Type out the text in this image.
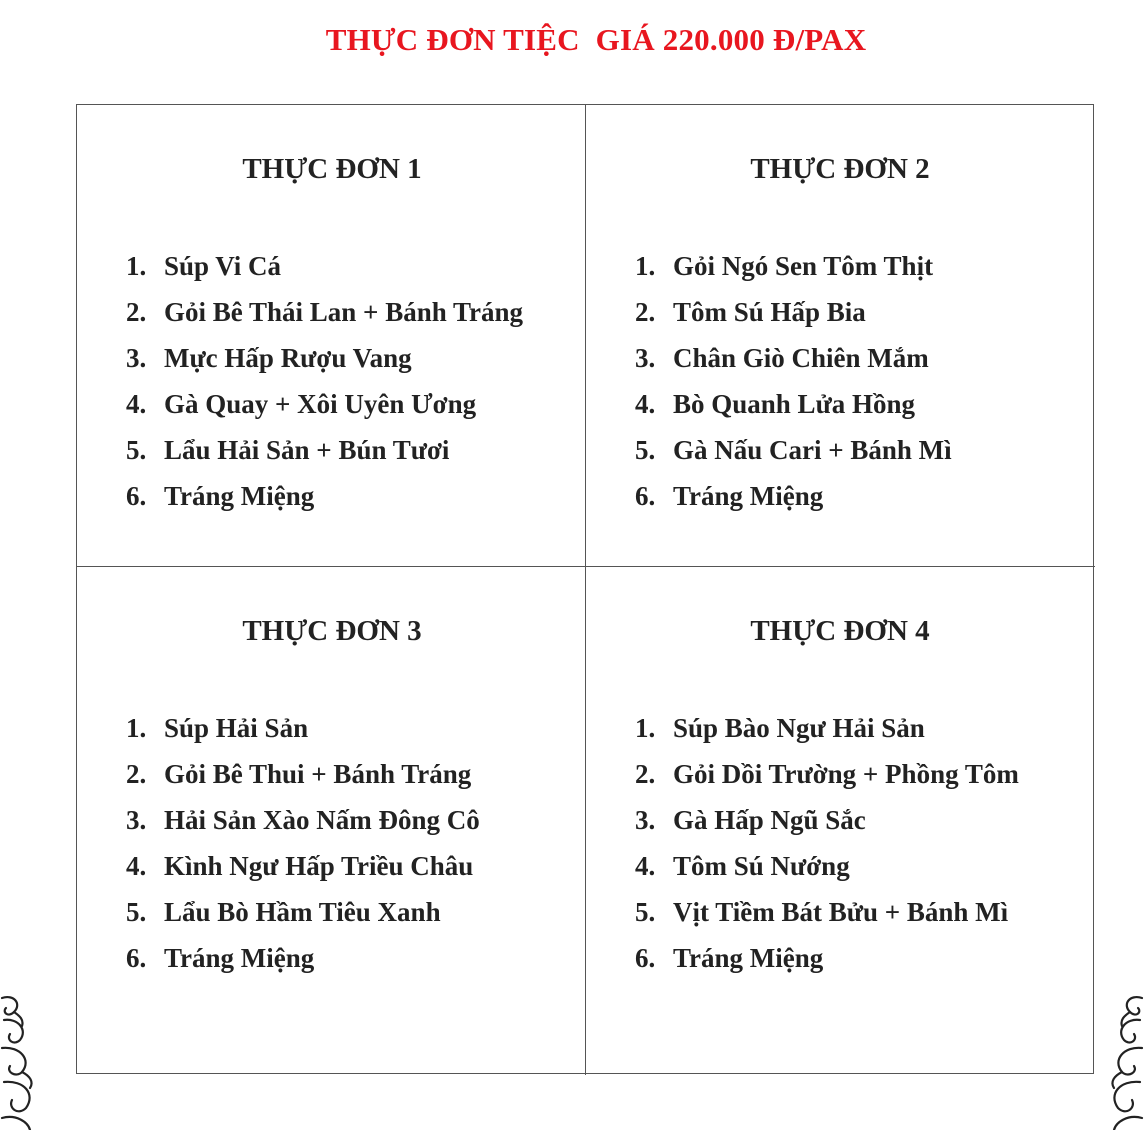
THỰC ĐƠN TIỆC  GIÁ 220.000 Đ/PAX
THỰC ĐƠN 1
1. Súp Vi Cá
2. Gỏi Bê Thái Lan + Bánh Tráng
3. Mực Hấp Rượu Vang
4. Gà Quay + Xôi Uyên Ương
5. Lẩu Hải Sản + Bún Tươi
6. Tráng Miệng
THỰC ĐƠN 2
1. Gỏi Ngó Sen Tôm Thịt
2. Tôm Sú Hấp Bia
3. Chân Giò Chiên Mắm
4. Bò Quanh Lửa Hồng
5. Gà Nấu Cari + Bánh Mì
6. Tráng Miệng
THỰC ĐƠN 3
1. Súp Hải Sản
2. Gỏi Bê Thui + Bánh Tráng
3. Hải Sản Xào Nấm Đông Cô
4. Kình Ngư Hấp Triều Châu
5. Lẩu Bò Hầm Tiêu Xanh
6. Tráng Miệng
THỰC ĐƠN 4
1. Súp Bào Ngư Hải Sản
2. Gỏi Dồi Trường + Phồng Tôm
3. Gà Hấp Ngũ Sắc
4. Tôm Sú Nướng
5. Vịt Tiềm Bát Bửu + Bánh Mì
6. Tráng Miệng
